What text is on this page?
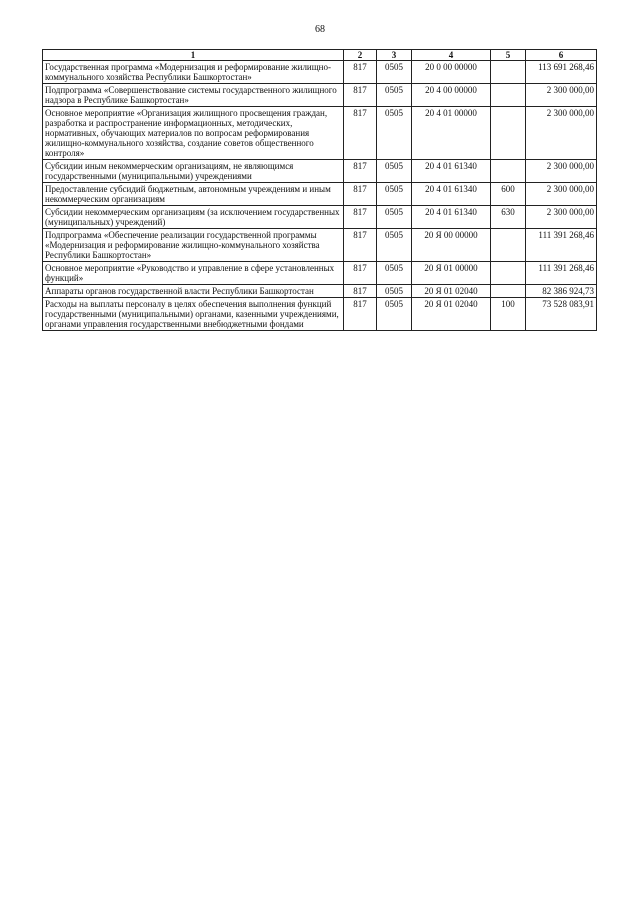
68
1	2	3	4	5	6
Государственная программа «Модернизация и реформирование жилищно-коммунального хозяйства Республики Башкортостан»	817	0505	20 0 00 00000		113 691 268,46
Подпрограмма «Совершенствование системы государственного жилищного надзора в Республике Башкортостан»	817	0505	20 4 00 00000		2 300 000,00
Основное мероприятие «Организация жилищного просвещения граждан, разработка и распространение информационных, методических, нормативных, обучающих материалов по вопросам реформирования жилищно-коммунального хозяйства, создание советов общественного контроля»	817	0505	20 4 01 00000		2 300 000,00
Субсидии иным некоммерческим организациям, не являющимся государственными (муниципальными) учреждениями	817	0505	20 4 01 61340		2 300 000,00
Предоставление субсидий бюджетным, автономным учреждениям и иным некоммерческим организациям	817	0505	20 4 01 61340	600	2 300 000,00
Субсидии некоммерческим организациям (за исключением государственных (муниципальных) учреждений)	817	0505	20 4 01 61340	630	2 300 000,00
Подпрограмма «Обеспечение реализации государственной программы «Модернизация и реформирование жилищно-коммунального хозяйства Республики Башкортостан»	817	0505	20 Я 00 00000		111 391 268,46
Основное мероприятие «Руководство и управление в сфере установленных функций»	817	0505	20 Я 01 00000		111 391 268,46
Аппараты органов государственной власти Республики Башкортостан	817	0505	20 Я 01 02040		82 386 924,73
Расходы на выплаты персоналу в целях обеспечения выполнения функций государственными (муниципальными) органами, казенными учреждениями, органами управления государственными внебюджетными фондами	817	0505	20 Я 01 02040	100	73 528 083,91
